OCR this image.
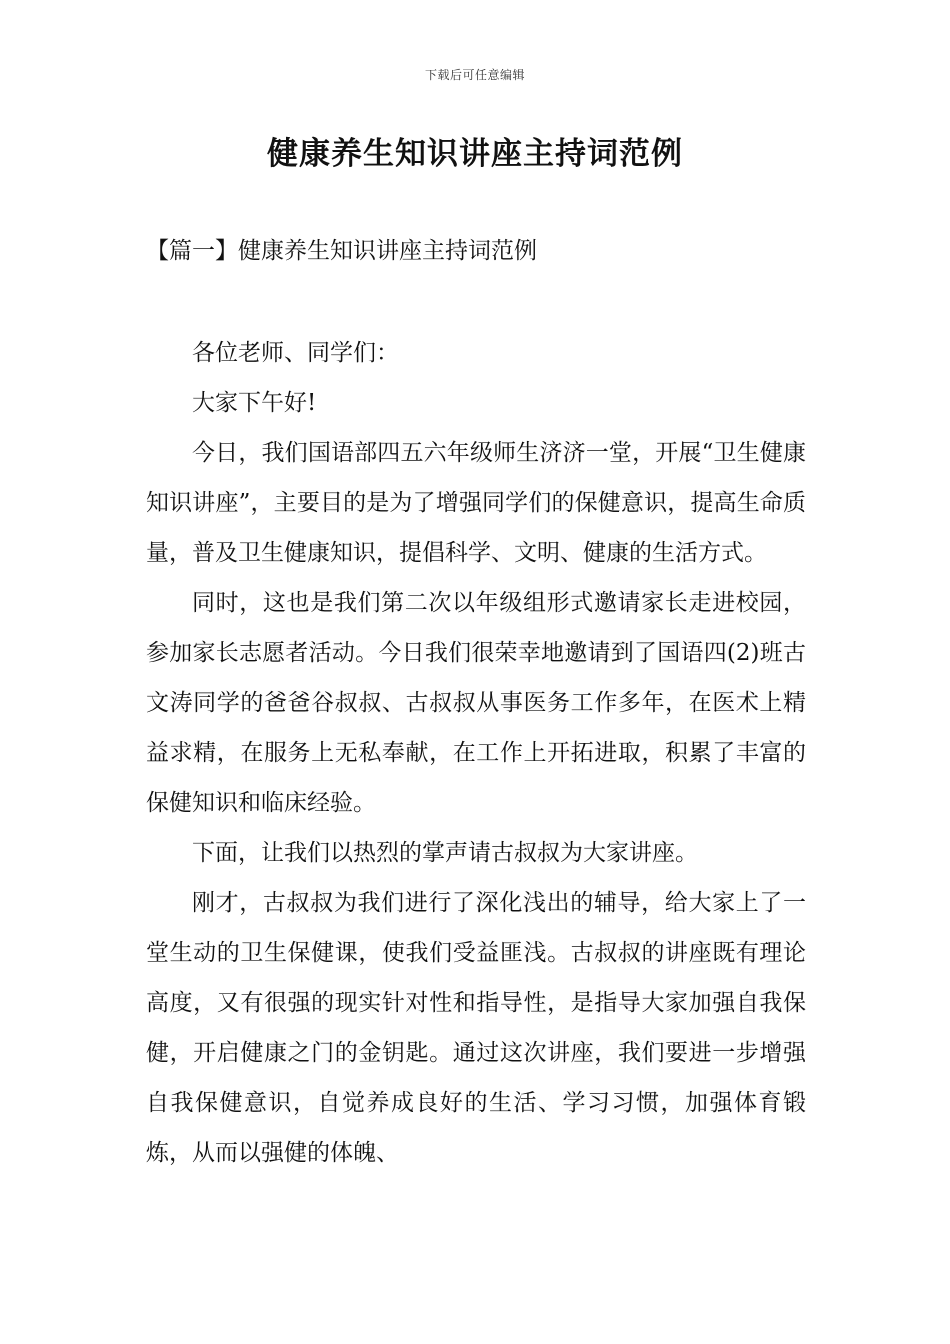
下载后可任意编辑
健康养生知识讲座主持词范例
【篇一】健康养生知识讲座主持词范例

各位老师、同学们：

大家下午好!

今日，我们国语部四五六年级师生济济一堂，开展“卫生健康知识讲座”，主要目的是为了增强同学们的保健意识，提高生命质量，普及卫生健康知识，提倡科学、文明、健康的生活方式。

同时，这也是我们第二次以年级组形式邀请家长走进校园，参加家长志愿者活动。今日我们很荣幸地邀请到了国语四(2)班古文涛同学的爸爸谷叔叔、古叔叔从事医务工作多年，在医术上精益求精，在服务上无私奉献，在工作上开拓进取，积累了丰富的保健知识和临床经验。

下面，让我们以热烈的掌声请古叔叔为大家讲座。

刚才，古叔叔为我们进行了深化浅出的辅导，给大家上了一堂生动的卫生保健课，使我们受益匪浅。古叔叔的讲座既有理论高度，又有很强的现实针对性和指导性，是指导大家加强自我保健，开启健康之门的金钥匙。通过这次讲座，我们要进一步增强自我保健意识，自觉养成良好的生活、学习习惯，加强体育锻炼，从而以强健的体魄、
